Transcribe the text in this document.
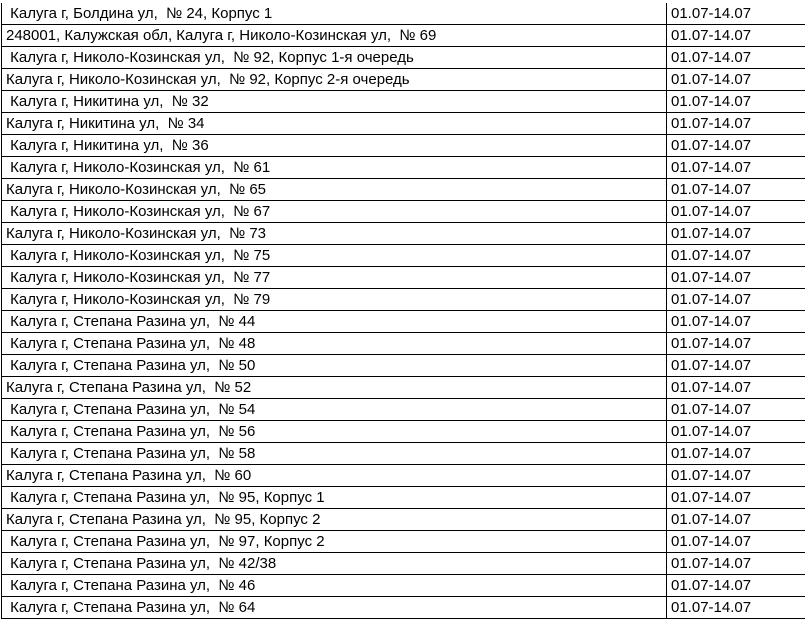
Калуга г, Болдина ул,  № 24, Корпус 1	01.07-14.07
248001, Калужская обл, Калуга г, Николо-Козинская ул,  № 69	01.07-14.07
Калуга г, Николо-Козинская ул,  № 92, Корпус 1-я очередь	01.07-14.07
Калуга г, Николо-Козинская ул,  № 92, Корпус 2-я очередь	01.07-14.07
Калуга г, Никитина ул,  № 32	01.07-14.07
Калуга г, Никитина ул,  № 34	01.07-14.07
Калуга г, Никитина ул,  № 36	01.07-14.07
Калуга г, Николо-Козинская ул,  № 61	01.07-14.07
Калуга г, Николо-Козинская ул,  № 65	01.07-14.07
Калуга г, Николо-Козинская ул,  № 67	01.07-14.07
Калуга г, Николо-Козинская ул,  № 73	01.07-14.07
Калуга г, Николо-Козинская ул,  № 75	01.07-14.07
Калуга г, Николо-Козинская ул,  № 77	01.07-14.07
Калуга г, Николо-Козинская ул,  № 79	01.07-14.07
Калуга г, Степана Разина ул,  № 44	01.07-14.07
Калуга г, Степана Разина ул,  № 48	01.07-14.07
Калуга г, Степана Разина ул,  № 50	01.07-14.07
Калуга г, Степана Разина ул,  № 52	01.07-14.07
Калуга г, Степана Разина ул,  № 54	01.07-14.07
Калуга г, Степана Разина ул,  № 56	01.07-14.07
Калуга г, Степана Разина ул,  № 58	01.07-14.07
Калуга г, Степана Разина ул,  № 60	01.07-14.07
Калуга г, Степана Разина ул,  № 95, Корпус 1	01.07-14.07
Калуга г, Степана Разина ул,  № 95, Корпус 2	01.07-14.07
Калуга г, Степана Разина ул,  № 97, Корпус 2	01.07-14.07
Калуга г, Степана Разина ул,  № 42/38	01.07-14.07
Калуга г, Степана Разина ул,  № 46	01.07-14.07
Калуга г, Степана Разина ул,  № 64	01.07-14.07
